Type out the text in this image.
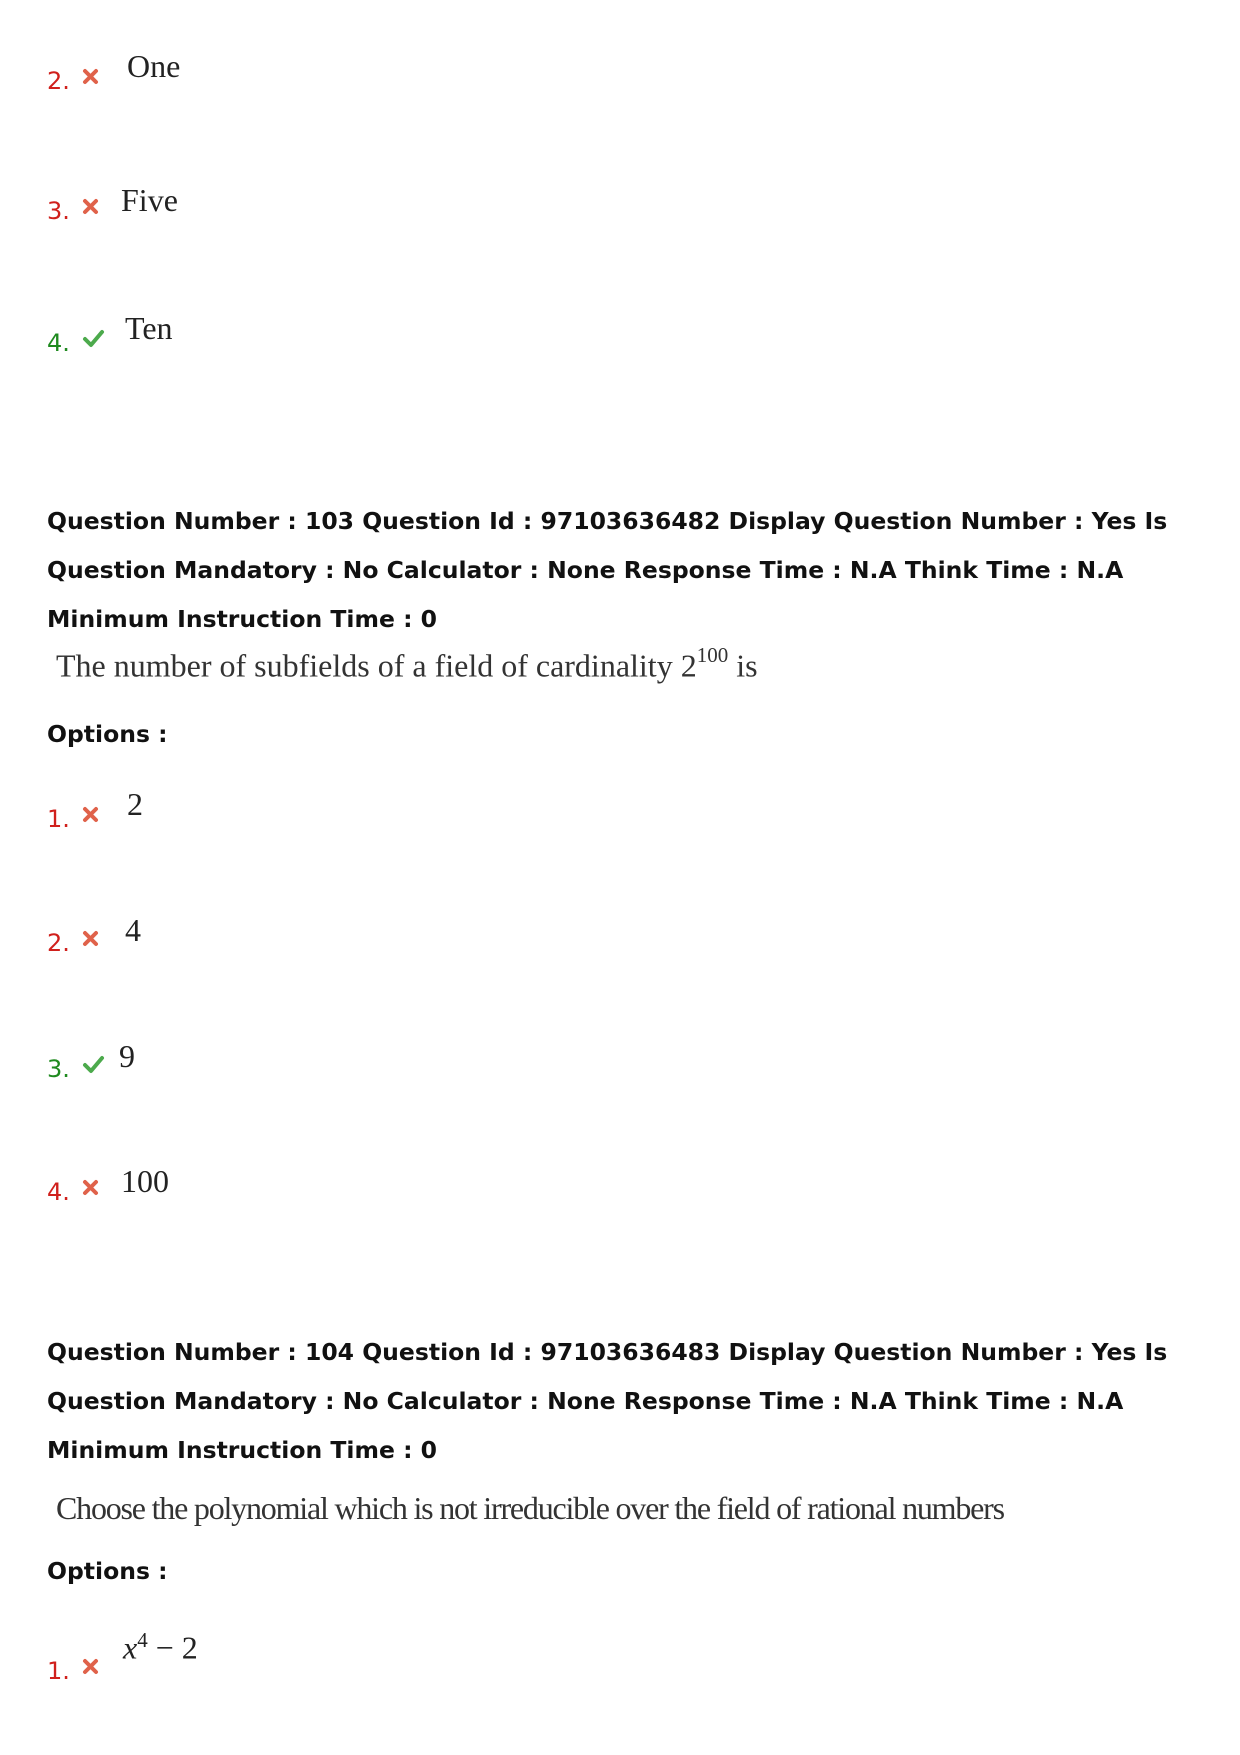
2. One
3. Five
4. Ten
Question Number : 103 Question Id : 97103636482 Display Question Number : Yes Is Question Mandatory : No Calculator : None Response Time : N.A Think Time : N.A Minimum Instruction Time : 0
The number of subfields of a field of cardinality $2^{100}$ is
Options :
1. 2
2. 4
3. 9
4. 100
Question Number : 104 Question Id : 97103636483 Display Question Number : Yes Is Question Mandatory : No Calculator : None Response Time : N.A Think Time : N.A Minimum Instruction Time : 0
Choose the polynomial which is not irreducible over the field of rational numbers
Options :
1.
$x^4 - 2$
